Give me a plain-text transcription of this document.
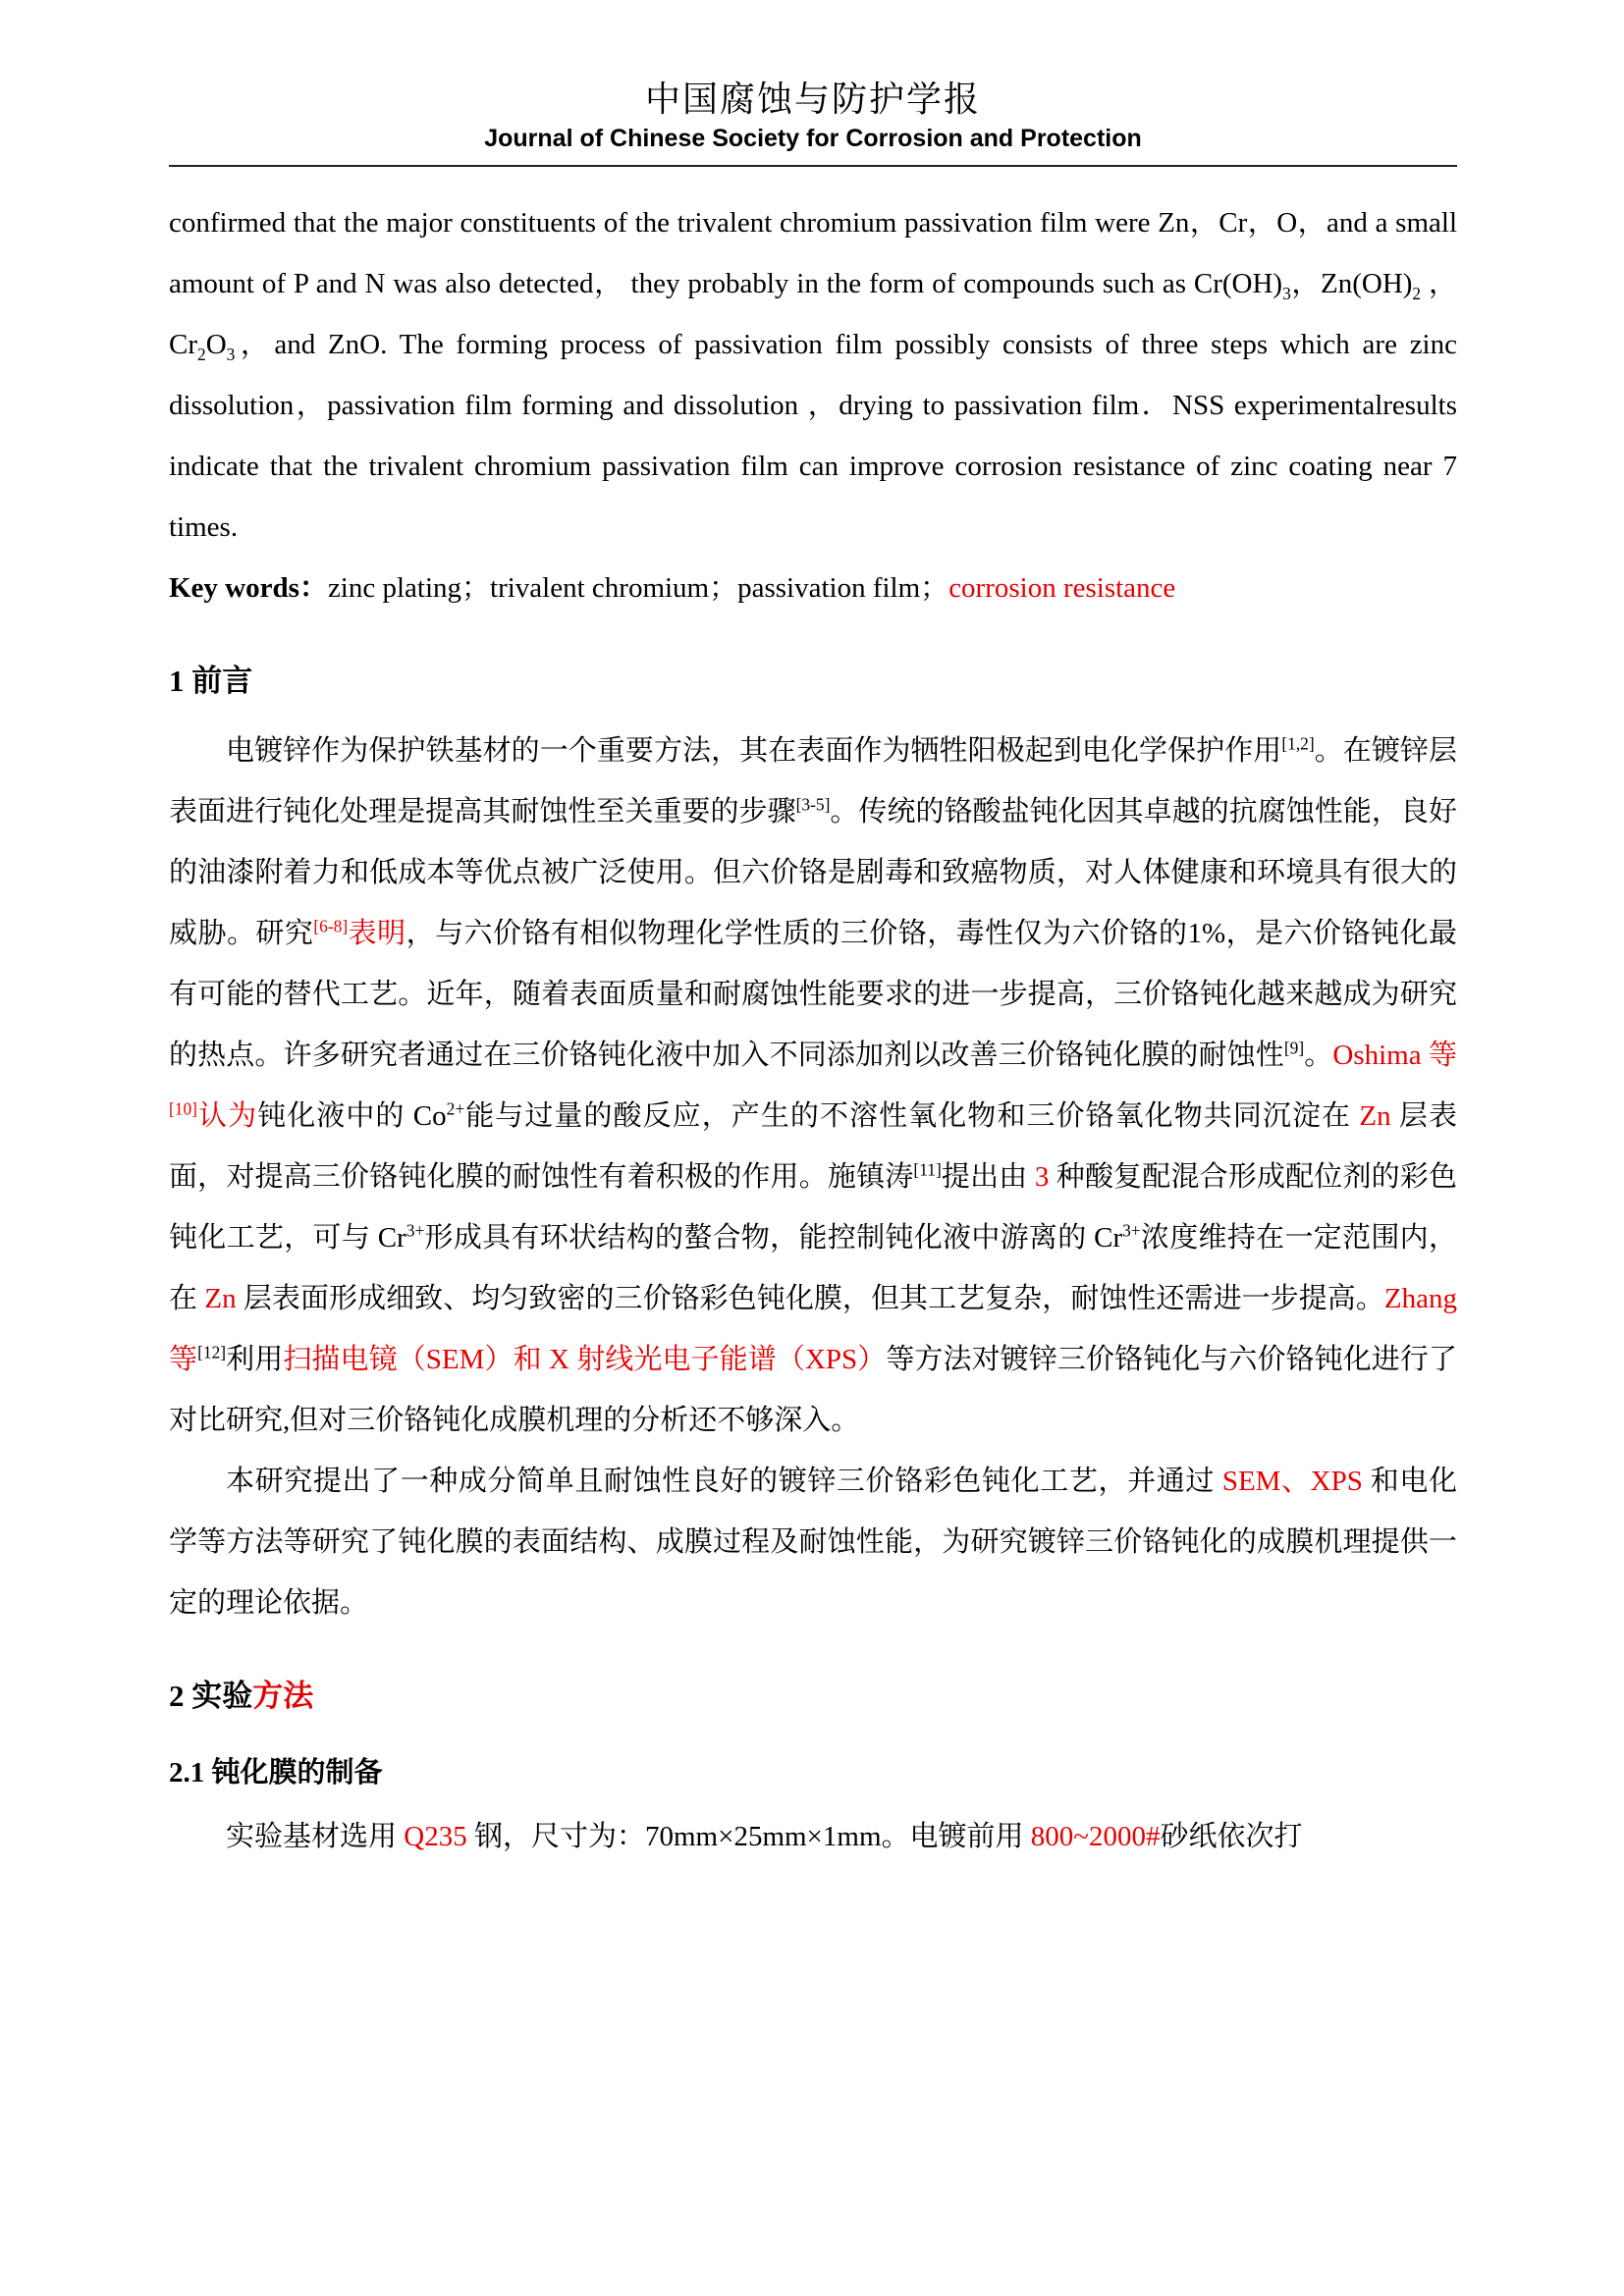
中国腐蚀与防护学报
Journal of Chinese Society for Corrosion and Protection

confirmed that the major constituents of the trivalent chromium passivation film were Zn，Cr，O，and a small amount of P and N was also detected， they probably in the form of compounds such as $Cr(OH)_3$，$Zn(OH)_2$ ，$Cr_2O_3$，and ZnO. The forming process of passivation film possibly consists of three steps which are zinc dissolution，passivation film forming and dissolution ，drying to passivation film．NSS experimentalresults indicate that the trivalent chromium passivation film can improve corrosion resistance of zinc coating near 7 times.

Key words：zinc plating；trivalent chromium；passivation film；corrosion resistance

1 前言

电镀锌作为保护铁基材的一个重要方法，其在表面作为牺牲阳极起到电化学保护作用[1,2]。在镀锌层表面进行钝化处理是提高其耐蚀性至关重要的步骤[3-5]。传统的铬酸盐钝化因其卓越的抗腐蚀性能，良好的油漆附着力和低成本等优点被广泛使用。但六价铬是剧毒和致癌物质，对人体健康和环境具有很大的威胁。研究[6-8]表明，与六价铬有相似物理化学性质的三价铬，毒性仅为六价铬的1%，是六价铬钝化最有可能的替代工艺。近年，随着表面质量和耐腐蚀性能要求的进一步提高，三价铬钝化越来越成为研究的热点。许多研究者通过在三价铬钝化液中加入不同添加剂以改善三价铬钝化膜的耐蚀性[9]。Oshima 等[10]认为钝化液中的 $Co^{2+}$能与过量的酸反应，产生的不溶性氧化物和三价铬氧化物共同沉淀在 Zn 层表面，对提高三价铬钝化膜的耐蚀性有着积极的作用。施镇涛[11]提出由 3 种酸复配混合形成配位剂的彩色钝化工艺，可与 $Cr^{3+}$形成具有环状结构的螯合物，能控制钝化液中游离的 $Cr^{3+}$浓度维持在一定范围内，在 Zn 层表面形成细致、均匀致密的三价铬彩色钝化膜，但其工艺复杂，耐蚀性还需进一步提高。Zhang 等[12]利用扫描电镜（SEM）和 X 射线光电子能谱（XPS）等方法对镀锌三价铬钝化与六价铬钝化进行了对比研究,但对三价铬钝化成膜机理的分析还不够深入。

本研究提出了一种成分简单且耐蚀性良好的镀锌三价铬彩色钝化工艺，并通过 SEM、XPS 和电化学等方法等研究了钝化膜的表面结构、成膜过程及耐蚀性能，为研究镀锌三价铬钝化的成膜机理提供一定的理论依据。

2 实验方法
2.1 钝化膜的制备

实验基材选用 Q235 钢，尺寸为：70mm×25mm×1mm。电镀前用 800~2000#砂纸依次打
